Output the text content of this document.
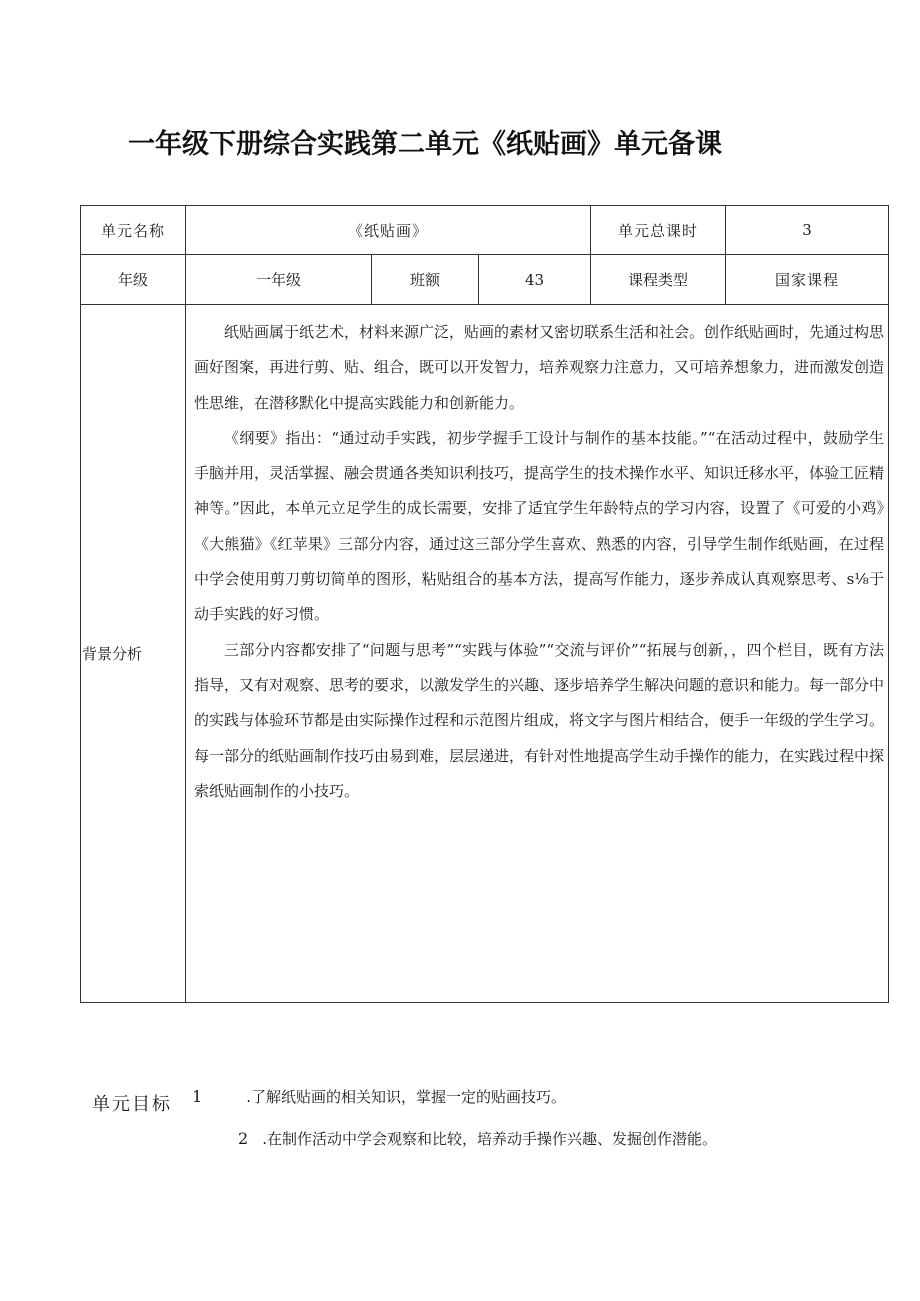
一年级下册综合实践第二单元《纸贴画》单元备课
单元名称	《纸贴画》			单元总课时	3
年级	一年级	班额	43	课程类型	国家课程
背景分析	纸贴画属于纸艺术，材料来源广泛，贴画的素材又密切联系生活和社会。创作纸贴画时，先通过构思画好图案，再进行剪、贴、组合，既可以开发智力，培养观察力注意力，又可培养想象力，进而激发创造性思维，在潜移默化中提高实践能力和创新能力。

《纲要》指出：“通过动手实践，初步学握手工设计与制作的基本技能。”“在活动过程中，鼓励学生手脑并用，灵活掌握、融会贯通各类知识利技巧，提高学生的技术操作水平、知识迁移水平，体验工匠精神等。”因此，本单元立足学生的成长需要，安排了适宜学生年龄特点的学习内容，设置了《可爱的小鸡》《大熊猫》《红苹果》三部分内容，通过这三部分学生喜欢、熟悉的内容，引导学生制作纸贴画，在过程中学会使用剪刀剪切简单的图形，粘贴组合的基本方法，提高写作能力，逐步养成认真观察思考、s⅛于动手实践的好习惯。

三部分内容都安排了“问题与思考”“实践与体验”“交流与评价”“拓展与创新，，四个栏目，既有方法指导，又有对观察、思考的要求，以激发学生的兴趣、逐步培养学生解决问题的意识和能力。每一部分中的实践与体验环节都是由实际操作过程和示范图片组成，将文字与图片相结合，便手一年级的学生学习。每一部分的纸贴画制作技巧由易到难，层层递进，有针对性地提高学生动手操作的能力，在实践过程中探索纸贴画制作的小技巧。				

单元目标 1	.了解纸贴画的相关知识，掌握一定的贴画技巧。
2 .在制作活动中学会观察和比较，培养动手操作兴趣、发掘创作潜能。
